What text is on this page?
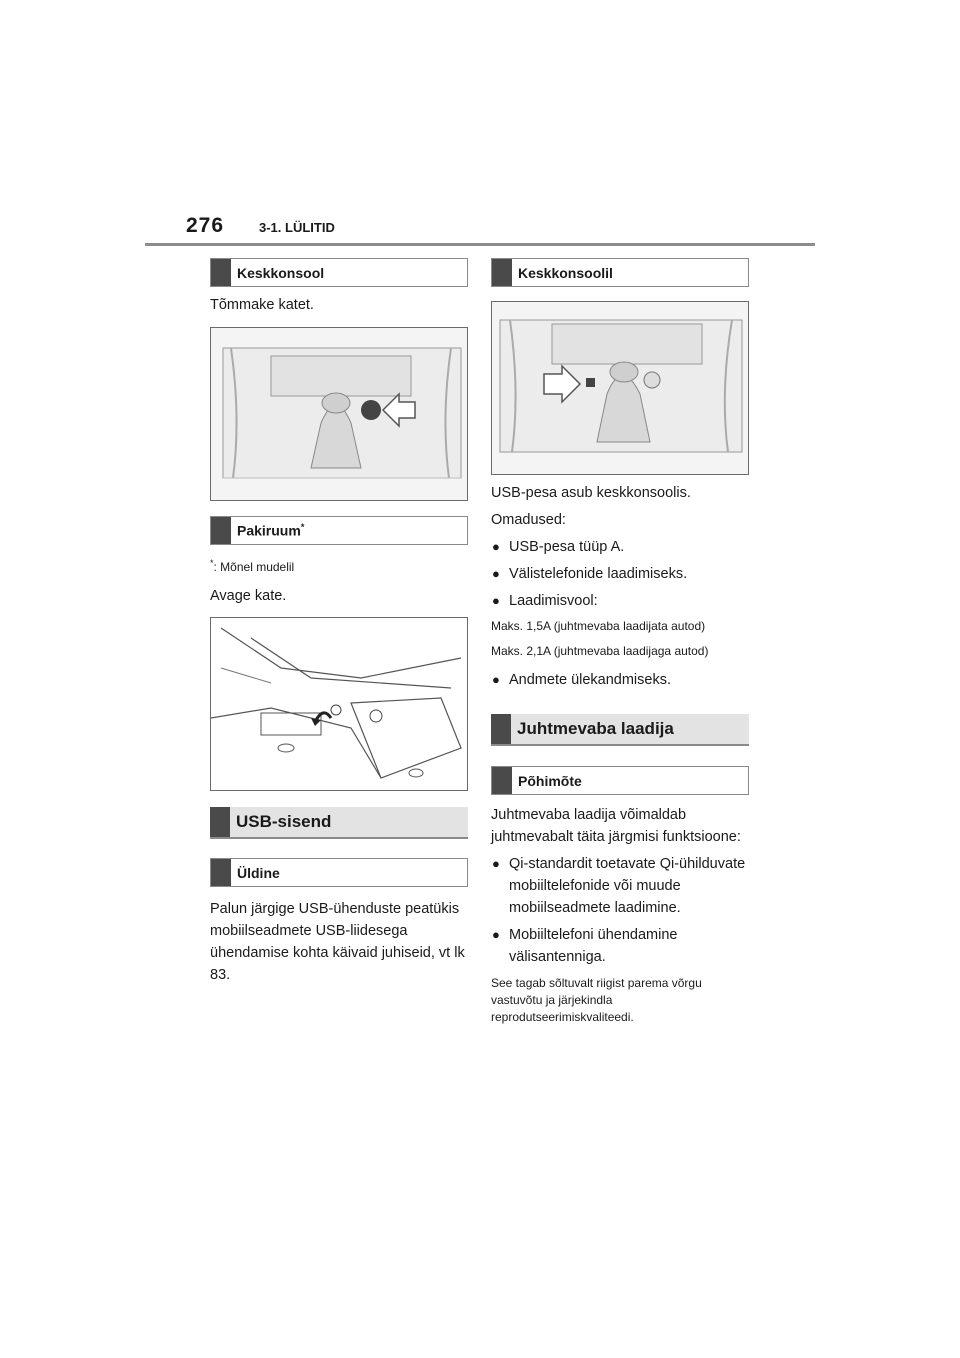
276	3-1. LÜLITID
Keskkonsool

Tõmmake katet.

Pakiruum*

*: Mõnel mudelil

Avage kate.

USB-sisend
Üldine

Palun järgige USB-ühenduste peatükis mobiilseadmete USB-liidesega ühendamise kohta käivaid juhiseid, vt lk 83.

Keskkonsoolil

USB-pesa asub keskkonsoolis.

Omadused:

● USB-pesa tüüp A.

● Välistelefonide laadimiseks.

● Laadimisvool:

Maks. 1,5A (juhtmevaba laadijata autod)

Maks. 2,1A (juhtmevaba laadijaga autod)

● Andmete ülekandmiseks.

Juhtmevaba laadija
Põhimõte

Juhtmevaba laadija võimaldab juhtmevabalt täita järgmisi funktsioone:

● Qi-standardit toetavate Qi-ühilduvate mobiiltelefonide või muude mobiilseadmete laadimine.

● Mobiiltelefoni ühendamine välisantenniga.

See tagab sõltuvalt riigist parema võrgu vastuvõtu ja järjekindla reprodutseerimiskvaliteedi.
